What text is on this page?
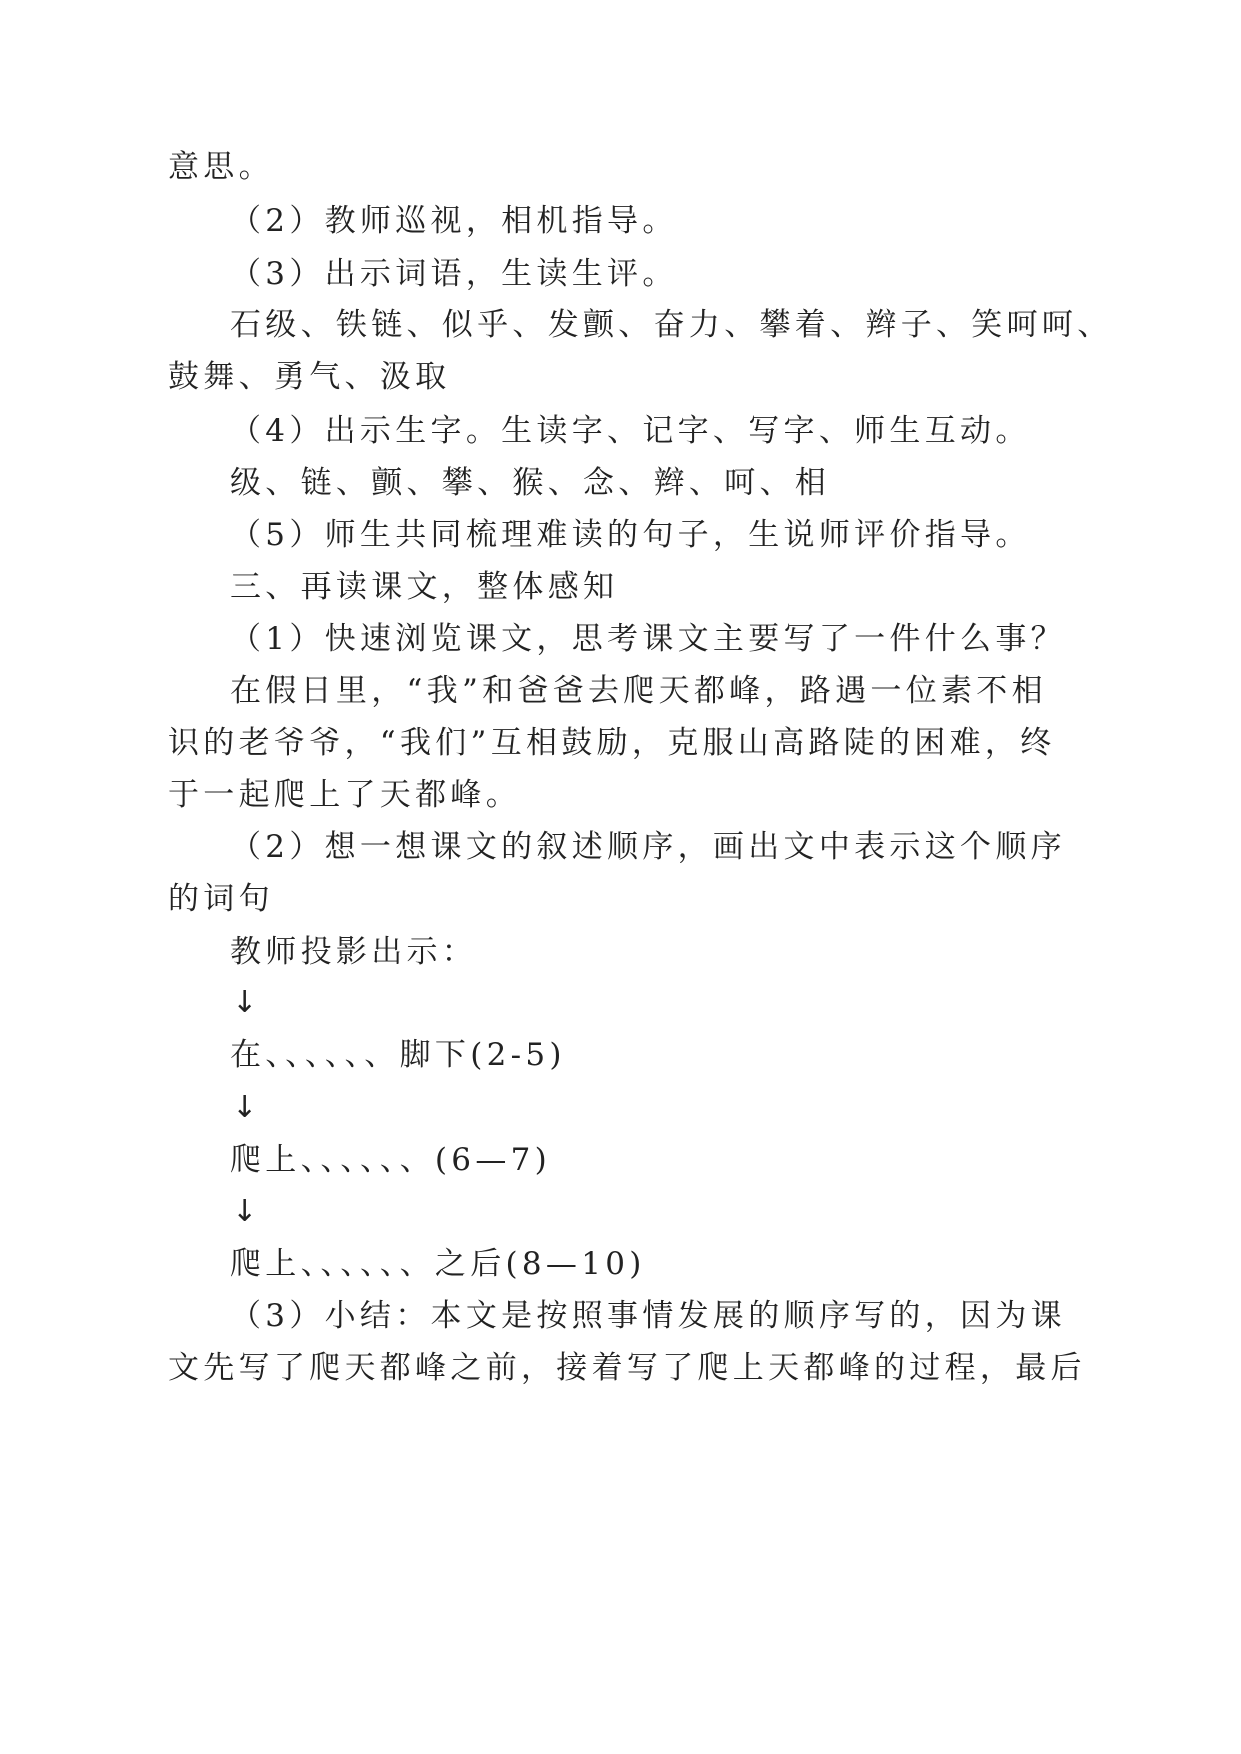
意思。
（2）教师巡视，相机指导。
（3）出示词语，生读生评。
石级、铁链、似乎、发颤、奋力、攀着、辫子、笑呵呵、
鼓舞、勇气、汲取
（4）出示生字。生读字、记字、写字、师生互动。
级、链、颤、攀、猴、念、辫、呵、相
（5）师生共同梳理难读的句子，生说师评价指导。
三、再读课文，整体感知
（1）快速浏览课文，思考课文主要写了一件什么事？
在假日里，“我”和爸爸去爬天都峰，路遇一位素不相
识的老爷爷，“我们”互相鼓励，克服山高路陡的困难，终
于一起爬上了天都峰。
（2）想一想课文的叙述顺序，画出文中表示这个顺序
的词句
教师投影出示：
↓
在、、、、、、脚下(2-5)
↓
爬上、、、、、、(6—7)
↓
爬上、、、、、、之后(8—10)
（3）小结：本文是按照事情发展的顺序写的，因为课
文先写了爬天都峰之前，接着写了爬上天都峰的过程，最后
